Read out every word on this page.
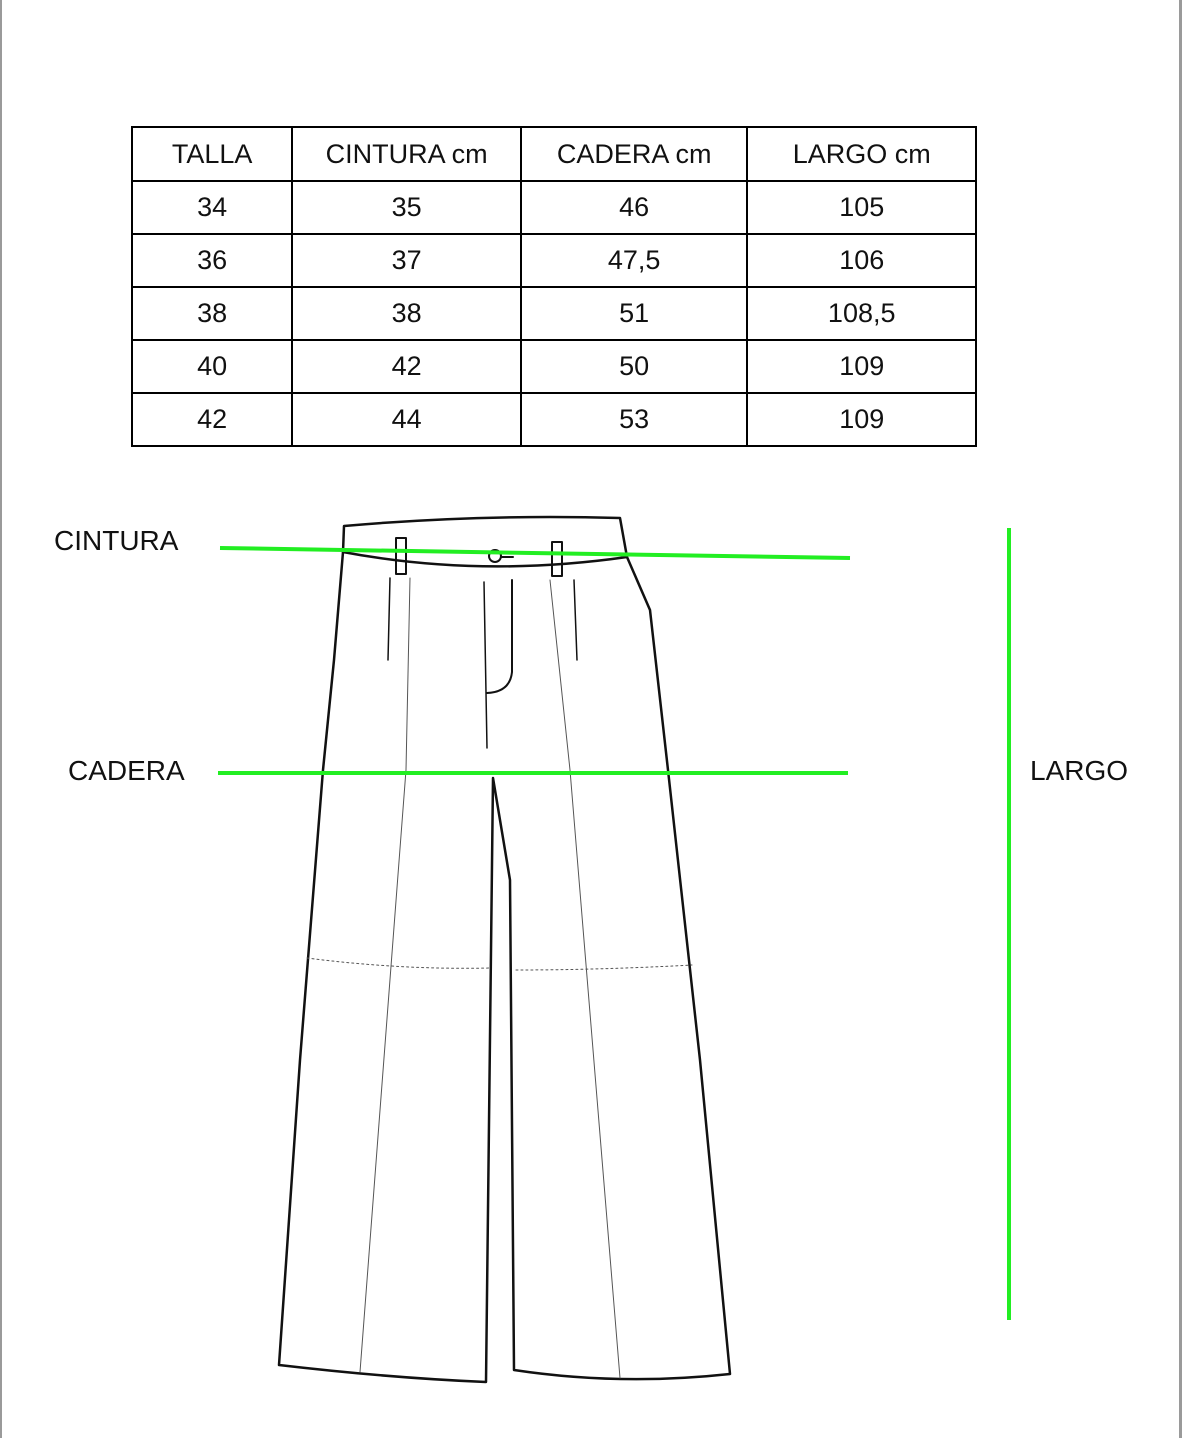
TALLA	CINTURA cm	CADERA cm	LARGO cm
34	35	46	105
36	37	47,5	106
38	38	51	108,5
40	42	50	109
42	44	53	109
CINTURA
CADERA	LARGO
